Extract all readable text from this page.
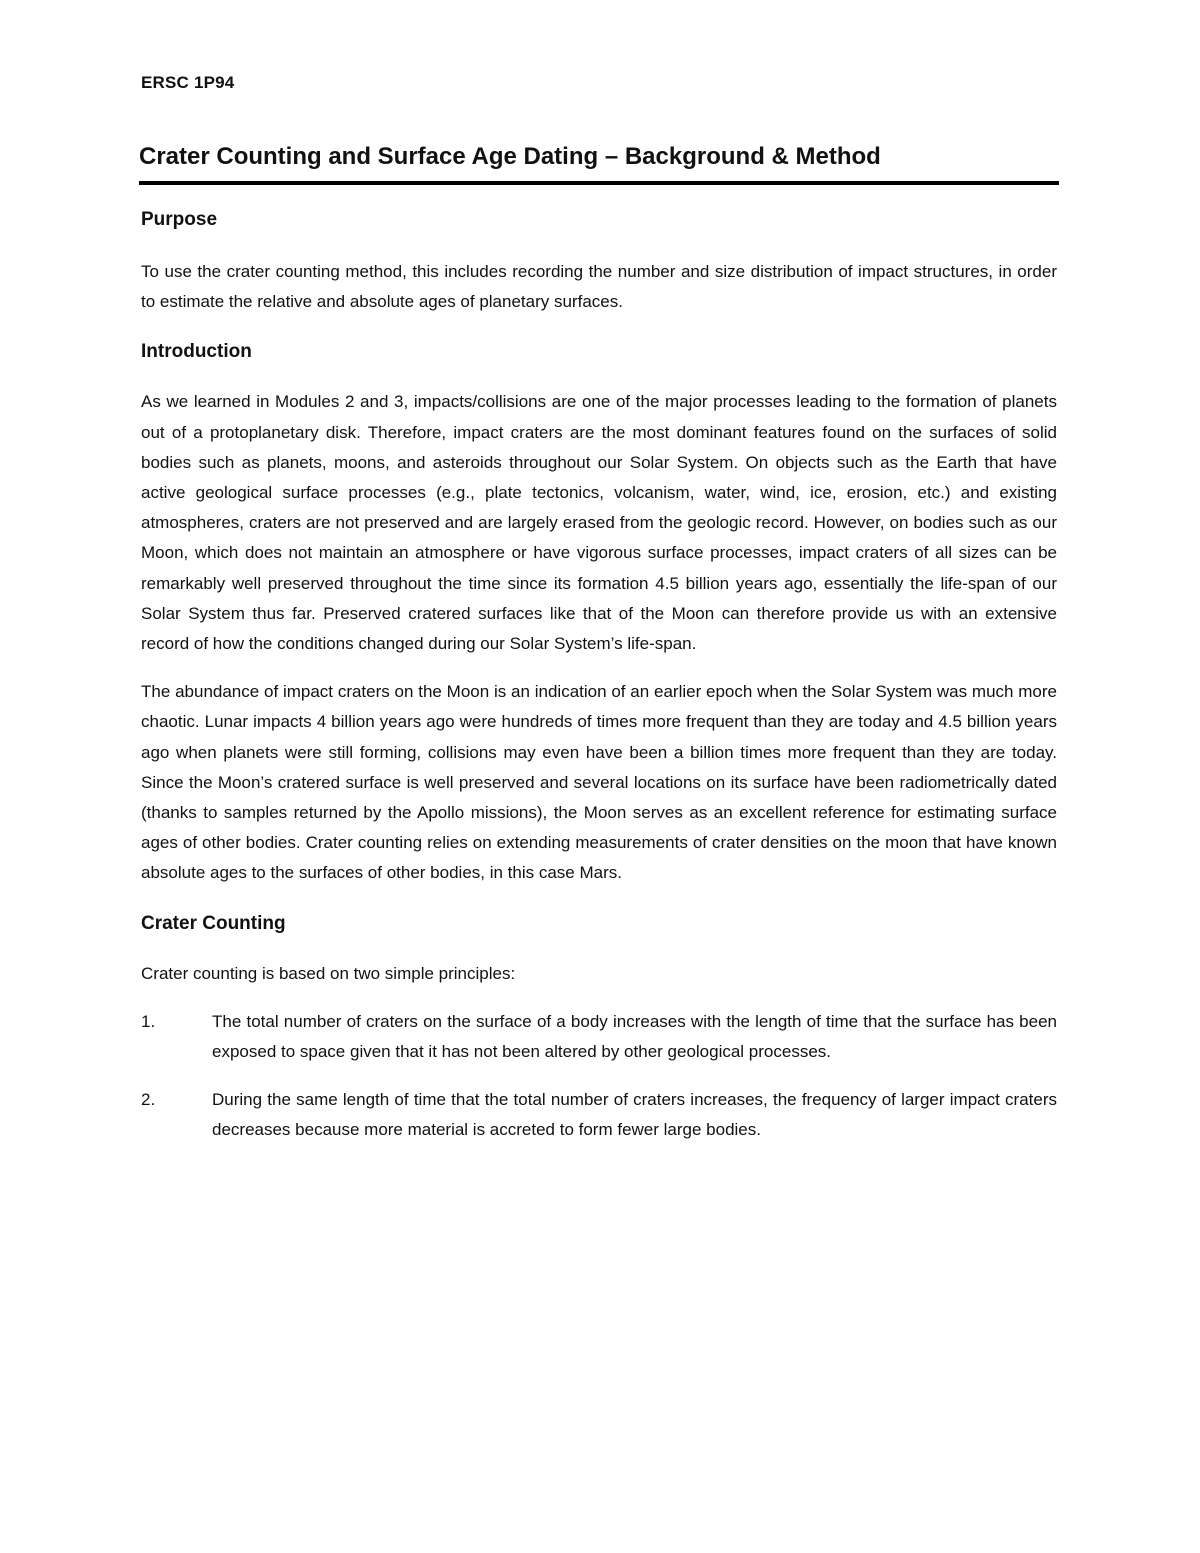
ERSC 1P94
Crater Counting and Surface Age Dating – Background & Method
Purpose

To use the crater counting method, this includes recording the number and size distribution of impact structures, in order to estimate the relative and absolute ages of planetary surfaces.

Introduction

As we learned in Modules 2 and 3, impacts/collisions are one of the major processes leading to the formation of planets out of a protoplanetary disk. Therefore, impact craters are the most dominant features found on the surfaces of solid bodies such as planets, moons, and asteroids throughout our Solar System. On objects such as the Earth that have active geological surface processes (e.g., plate tectonics, volcanism, water, wind, ice, erosion, etc.) and existing atmospheres, craters are not preserved and are largely erased from the geologic record. However, on bodies such as our Moon, which does not maintain an atmosphere or have vigorous surface processes, impact craters of all sizes can be remarkably well preserved throughout the time since its formation 4.5 billion years ago, essentially the life-span of our Solar System thus far. Preserved cratered surfaces like that of the Moon can therefore provide us with an extensive record of how the conditions changed during our Solar System’s life-span.

The abundance of impact craters on the Moon is an indication of an earlier epoch when the Solar System was much more chaotic. Lunar impacts 4 billion years ago were hundreds of times more frequent than they are today and 4.5 billion years ago when planets were still forming, collisions may even have been a billion times more frequent than they are today. Since the Moon’s cratered surface is well preserved and several locations on its surface have been radiometrically dated (thanks to samples returned by the Apollo missions), the Moon serves as an excellent reference for estimating surface ages of other bodies. Crater counting relies on extending measurements of crater densities on the moon that have known absolute ages to the surfaces of other bodies, in this case Mars.

Crater Counting

Crater counting is based on two simple principles:

1.	The total number of craters on the surface of a body increases with the length of time that the surface has been exposed to space given that it has not been altered by other geological processes.
2.	During the same length of time that the total number of craters increases, the frequency of larger impact craters decreases because more material is accreted to form fewer large bodies.
